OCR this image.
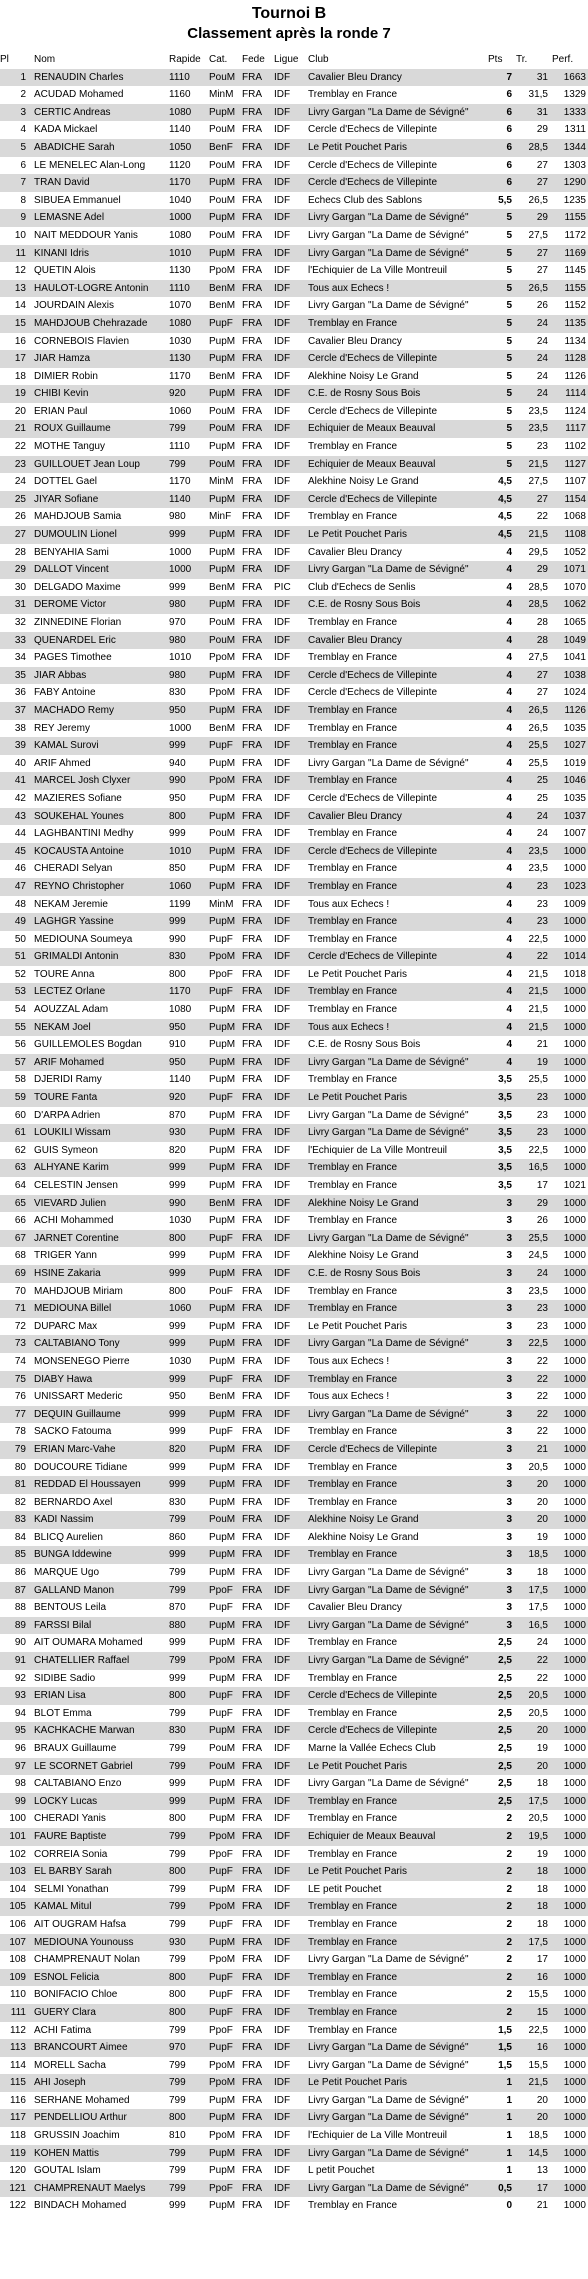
Tournoi B
Classement après la ronde 7
Pl	Nom	Rapide	Cat.	Fede	Ligue	Club	Pts	Tr.	Perf.
1	RENAUDIN Charles	1110	PouM	FRA	IDF	Cavalier Bleu Drancy	7	31	1663
2	ACUDAD Mohamed	1160	MinM	FRA	IDF	Tremblay en France	6	31,5	1329
3	CERTIC Andreas	1080	PupM	FRA	IDF	Livry Gargan "La Dame de Sévigné"	6	31	1333
4	KADA Mickael	1140	PouM	FRA	IDF	Cercle d'Echecs de Villepinte	6	29	1311
5	ABADICHE Sarah	1050	BenF	FRA	IDF	Le Petit Pouchet Paris	6	28,5	1344
6	LE MENELEC Alan-Long	1120	PouM	FRA	IDF	Cercle d'Echecs de Villepinte	6	27	1303
7	TRAN David	1170	PupM	FRA	IDF	Cercle d'Echecs de Villepinte	6	27	1290
8	SIBUEA Emmanuel	1040	PouM	FRA	IDF	Echecs Club des Sablons	5,5	26,5	1235
9	LEMASNE Adel	1000	PupM	FRA	IDF	Livry Gargan "La Dame de Sévigné"	5	29	1155
10	NAIT MEDDOUR Yanis	1080	PouM	FRA	IDF	Livry Gargan "La Dame de Sévigné"	5	27,5	1172
11	KINANI Idris	1010	PupM	FRA	IDF	Livry Gargan "La Dame de Sévigné"	5	27	1169
12	QUETIN Alois	1130	PpoM	FRA	IDF	l'Echiquier de La Ville Montreuil	5	27	1145
13	HAULOT-LOGRE Antonin	1110	BenM	FRA	IDF	Tous aux Echecs !	5	26,5	1155
14	JOURDAIN Alexis	1070	BenM	FRA	IDF	Livry Gargan "La Dame de Sévigné"	5	26	1152
15	MAHDJOUB Chehrazade	1080	PupF	FRA	IDF	Tremblay en France	5	24	1135
16	CORNEBOIS Flavien	1030	PupM	FRA	IDF	Cavalier Bleu Drancy	5	24	1134
17	JIAR Hamza	1130	PupM	FRA	IDF	Cercle d'Echecs de Villepinte	5	24	1128
18	DIMIER Robin	1170	BenM	FRA	IDF	Alekhine Noisy Le Grand	5	24	1126
19	CHIBI Kevin	920	PupM	FRA	IDF	C.E. de Rosny Sous Bois	5	24	1114
20	ERIAN Paul	1060	PouM	FRA	IDF	Cercle d'Echecs de Villepinte	5	23,5	1124
21	ROUX Guillaume	799	PouM	FRA	IDF	Echiquier de Meaux Beauval	5	23,5	1117
22	MOTHE Tanguy	1110	PupM	FRA	IDF	Tremblay en France	5	23	1102
23	GUILLOUET Jean Loup	799	PouM	FRA	IDF	Echiquier de Meaux Beauval	5	21,5	1127
24	DOTTEL Gael	1170	MinM	FRA	IDF	Alekhine Noisy Le Grand	4,5	27,5	1107
25	JIYAR Sofiane	1140	PupM	FRA	IDF	Cercle d'Echecs de Villepinte	4,5	27	1154
26	MAHDJOUB Samia	980	MinF	FRA	IDF	Tremblay en France	4,5	22	1068
27	DUMOULIN Lionel	999	PupM	FRA	IDF	Le Petit Pouchet Paris	4,5	21,5	1108
28	BENYAHIA Sami	1000	PupM	FRA	IDF	Cavalier Bleu Drancy	4	29,5	1052
29	DALLOT Vincent	1000	PupM	FRA	IDF	Livry Gargan "La Dame de Sévigné"	4	29	1071
30	DELGADO Maxime	999	BenM	FRA	PIC	Club d'Echecs de Senlis	4	28,5	1070
31	DEROME Victor	980	PupM	FRA	IDF	C.E. de Rosny Sous Bois	4	28,5	1062
32	ZINNEDINE Florian	970	PouM	FRA	IDF	Tremblay en France	4	28	1065
33	QUENARDEL Eric	980	PouM	FRA	IDF	Cavalier Bleu Drancy	4	28	1049
34	PAGES Timothee	1010	PpoM	FRA	IDF	Tremblay en France	4	27,5	1041
35	JIAR Abbas	980	PupM	FRA	IDF	Cercle d'Echecs de Villepinte	4	27	1038
36	FABY Antoine	830	PpoM	FRA	IDF	Cercle d'Echecs de Villepinte	4	27	1024
37	MACHADO Remy	950	PupM	FRA	IDF	Tremblay en France	4	26,5	1126
38	REY Jeremy	1000	BenM	FRA	IDF	Tremblay en France	4	26,5	1035
39	KAMAL Surovi	999	PupF	FRA	IDF	Tremblay en France	4	25,5	1027
40	ARIF Ahmed	940	PupM	FRA	IDF	Livry Gargan "La Dame de Sévigné"	4	25,5	1019
41	MARCEL Josh Clyxer	990	PpoM	FRA	IDF	Tremblay en France	4	25	1046
42	MAZIERES Sofiane	950	PupM	FRA	IDF	Cercle d'Echecs de Villepinte	4	25	1035
43	SOUKEHAL Younes	800	PupM	FRA	IDF	Cavalier Bleu Drancy	4	24	1037
44	LAGHBANTINI Medhy	999	PouM	FRA	IDF	Tremblay en France	4	24	1007
45	KOCAUSTA Antoine	1010	PupM	FRA	IDF	Cercle d'Echecs de Villepinte	4	23,5	1000
46	CHERADI Selyan	850	PupM	FRA	IDF	Tremblay en France	4	23,5	1000
47	REYNO Christopher	1060	PupM	FRA	IDF	Tremblay en France	4	23	1023
48	NEKAM Jeremie	1199	MinM	FRA	IDF	Tous aux Echecs !	4	23	1009
49	LAGHGR Yassine	999	PupM	FRA	IDF	Tremblay en France	4	23	1000
50	MEDIOUNA Soumeya	990	PupF	FRA	IDF	Tremblay en France	4	22,5	1000
51	GRIMALDI Antonin	830	PpoM	FRA	IDF	Cercle d'Echecs de Villepinte	4	22	1014
52	TOURE Anna	800	PpoF	FRA	IDF	Le Petit Pouchet Paris	4	21,5	1018
53	LECTEZ Orlane	1170	PupF	FRA	IDF	Tremblay en France	4	21,5	1000
54	AOUZZAL Adam	1080	PupM	FRA	IDF	Tremblay en France	4	21,5	1000
55	NEKAM Joel	950	PupM	FRA	IDF	Tous aux Echecs !	4	21,5	1000
56	GUILLEMOLES Bogdan	910	PupM	FRA	IDF	C.E. de Rosny Sous Bois	4	21	1000
57	ARIF Mohamed	950	PupM	FRA	IDF	Livry Gargan "La Dame de Sévigné"	4	19	1000
58	DJERIDI Ramy	1140	PupM	FRA	IDF	Tremblay en France	3,5	25,5	1000
59	TOURE Fanta	920	PupF	FRA	IDF	Le Petit Pouchet Paris	3,5	23	1000
60	D'ARPA Adrien	870	PupM	FRA	IDF	Livry Gargan "La Dame de Sévigné"	3,5	23	1000
61	LOUKILI Wissam	930	PupM	FRA	IDF	Livry Gargan "La Dame de Sévigné"	3,5	23	1000
62	GUIS Symeon	820	PupM	FRA	IDF	l'Echiquier de La Ville Montreuil	3,5	22,5	1000
63	ALHYANE Karim	999	PupM	FRA	IDF	Tremblay en France	3,5	16,5	1000
64	CELESTIN Jensen	999	PupM	FRA	IDF	Tremblay en France	3,5	17	1021
65	VIEVARD Julien	990	BenM	FRA	IDF	Alekhine Noisy Le Grand	3	29	1000
66	ACHI Mohammed	1030	PupM	FRA	IDF	Tremblay en France	3	26	1000
67	JARNET Corentine	800	PupF	FRA	IDF	Livry Gargan "La Dame de Sévigné"	3	25,5	1000
68	TRIGER Yann	999	PupM	FRA	IDF	Alekhine Noisy Le Grand	3	24,5	1000
69	HSINE Zakaria	999	PupM	FRA	IDF	C.E. de Rosny Sous Bois	3	24	1000
70	MAHDJOUB Miriam	800	PouF	FRA	IDF	Tremblay en France	3	23,5	1000
71	MEDIOUNA Billel	1060	PupM	FRA	IDF	Tremblay en France	3	23	1000
72	DUPARC Max	999	PupM	FRA	IDF	Le Petit Pouchet Paris	3	23	1000
73	CALTABIANO Tony	999	PupM	FRA	IDF	Livry Gargan "La Dame de Sévigné"	3	22,5	1000
74	MONSENEGO Pierre	1030	PupM	FRA	IDF	Tous aux Echecs !	3	22	1000
75	DIABY Hawa	999	PupF	FRA	IDF	Tremblay en France	3	22	1000
76	UNISSART Mederic	950	BenM	FRA	IDF	Tous aux Echecs !	3	22	1000
77	DEQUIN Guillaume	999	PupM	FRA	IDF	Livry Gargan "La Dame de Sévigné"	3	22	1000
78	SACKO Fatouma	999	PupF	FRA	IDF	Tremblay en France	3	22	1000
79	ERIAN Marc-Vahe	820	PupM	FRA	IDF	Cercle d'Echecs de Villepinte	3	21	1000
80	DOUCOURE Tidiane	999	PupM	FRA	IDF	Tremblay en France	3	20,5	1000
81	REDDAD El Houssayen	999	PupM	FRA	IDF	Tremblay en France	3	20	1000
82	BERNARDO Axel	830	PupM	FRA	IDF	Tremblay en France	3	20	1000
83	KADI Nassim	799	PouM	FRA	IDF	Alekhine Noisy Le Grand	3	20	1000
84	BLICQ Aurelien	860	PupM	FRA	IDF	Alekhine Noisy Le Grand	3	19	1000
85	BUNGA Iddewine	999	PupM	FRA	IDF	Tremblay en France	3	18,5	1000
86	MARQUE Ugo	799	PupM	FRA	IDF	Livry Gargan "La Dame de Sévigné"	3	18	1000
87	GALLAND Manon	799	PpoF	FRA	IDF	Livry Gargan "La Dame de Sévigné"	3	17,5	1000
88	BENTOUS Leila	870	PupF	FRA	IDF	Cavalier Bleu Drancy	3	17,5	1000
89	FARSSI Bilal	880	PupM	FRA	IDF	Livry Gargan "La Dame de Sévigné"	3	16,5	1000
90	AIT OUMARA Mohamed	999	PupM	FRA	IDF	Tremblay en France	2,5	24	1000
91	CHATELLIER Raffael	799	PpoM	FRA	IDF	Livry Gargan "La Dame de Sévigné"	2,5	22	1000
92	SIDIBE Sadio	999	PupM	FRA	IDF	Tremblay en France	2,5	22	1000
93	ERIAN Lisa	800	PupF	FRA	IDF	Cercle d'Echecs de Villepinte	2,5	20,5	1000
94	BLOT Emma	799	PupF	FRA	IDF	Tremblay en France	2,5	20,5	1000
95	KACHKACHE Marwan	830	PupM	FRA	IDF	Cercle d'Echecs de Villepinte	2,5	20	1000
96	BRAUX Guillaume	799	PouM	FRA	IDF	Marne la Vallée Echecs Club	2,5	19	1000
97	LE SCORNET Gabriel	799	PouM	FRA	IDF	Le Petit Pouchet Paris	2,5	20	1000
98	CALTABIANO Enzo	999	PupM	FRA	IDF	Livry Gargan "La Dame de Sévigné"	2,5	18	1000
99	LOCKY Lucas	999	PupM	FRA	IDF	Tremblay en France	2,5	17,5	1000
100	CHERADI Yanis	800	PupM	FRA	IDF	Tremblay en France	2	20,5	1000
101	FAURE Baptiste	799	PpoM	FRA	IDF	Echiquier de Meaux Beauval	2	19,5	1000
102	CORREIA Sonia	799	PpoF	FRA	IDF	Tremblay en France	2	19	1000
103	EL BARBY Sarah	800	PupF	FRA	IDF	Le Petit Pouchet Paris	2	18	1000
104	SELMI Yonathan	799	PupM	FRA	IDF	LE petit Pouchet	2	18	1000
105	KAMAL Mitul	799	PpoM	FRA	IDF	Tremblay en France	2	18	1000
106	AIT OUGRAM Hafsa	799	PupF	FRA	IDF	Tremblay en France	2	18	1000
107	MEDIOUNA Younouss	930	PupM	FRA	IDF	Tremblay en France	2	17,5	1000
108	CHAMPRENAUT Nolan	799	PpoM	FRA	IDF	Livry Gargan "La Dame de Sévigné"	2	17	1000
109	ESNOL Felicia	800	PupF	FRA	IDF	Tremblay en France	2	16	1000
110	BONIFACIO Chloe	800	PupF	FRA	IDF	Tremblay en France	2	15,5	1000
111	GUERY Clara	800	PupF	FRA	IDF	Tremblay en France	2	15	1000
112	ACHI Fatima	799	PpoF	FRA	IDF	Tremblay en France	1,5	22,5	1000
113	BRANCOURT Aimee	970	PupF	FRA	IDF	Livry Gargan "La Dame de Sévigné"	1,5	16	1000
114	MORELL Sacha	799	PpoM	FRA	IDF	Livry Gargan "La Dame de Sévigné"	1,5	15,5	1000
115	AHI Joseph	799	PpoM	FRA	IDF	Le Petit Pouchet Paris	1	21,5	1000
116	SERHANE Mohamed	799	PupM	FRA	IDF	Livry Gargan "La Dame de Sévigné"	1	20	1000
117	PENDELLIOU Arthur	800	PupM	FRA	IDF	Livry Gargan "La Dame de Sévigné"	1	20	1000
118	GRUSSIN Joachim	810	PpoM	FRA	IDF	l'Echiquier de La Ville Montreuil	1	18,5	1000
119	KOHEN Mattis	799	PupM	FRA	IDF	Livry Gargan "La Dame de Sévigné"	1	14,5	1000
120	GOUTAL Islam	799	PupM	FRA	IDF	L petit Pouchet	1	13	1000
121	CHAMPRENAUT Maelys	799	PpoF	FRA	IDF	Livry Gargan "La Dame de Sévigné"	0,5	17	1000
122	BINDACH Mohamed	999	PupM	FRA	IDF	Tremblay en France	0	21	1000
